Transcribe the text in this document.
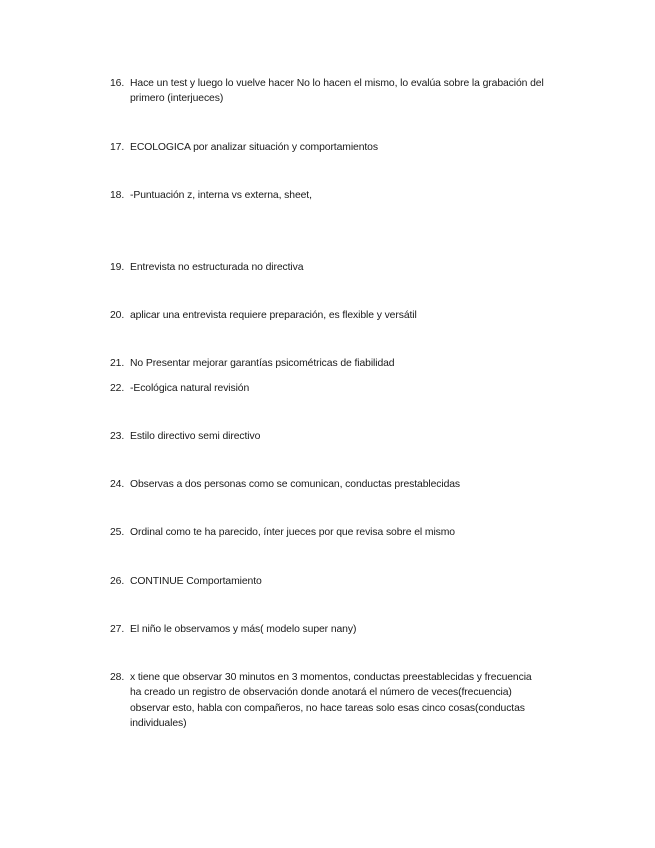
16. Hace un test y luego lo vuelve hacer No lo hacen el mismo, lo evalúa sobre la grabación del
primero (interjueces)
17. ECOLOGICA por analizar situación y comportamientos
18. -Puntuación z, interna vs externa, sheet,
19. Entrevista no estructurada no directiva
20. aplicar una entrevista requiere preparación, es flexible y versátil
21. No Presentar mejorar garantías psicométricas de fiabilidad
22. -Ecológica natural revisión
23. Estilo directivo semi directivo
24. Observas a dos personas como se comunican, conductas prestablecidas
25. Ordinal como te ha parecido, ínter jueces por que revisa sobre el mismo
26. CONTINUE Comportamiento
27. El niño le observamos y más( modelo super nany)
28. x tiene que observar 30 minutos en 3 momentos, conductas preestablecidas y frecuencia
ha creado un registro de observación donde anotará el número de veces(frecuencia)
observar esto, habla con compañeros, no hace tareas solo esas cinco cosas(conductas
individuales)
